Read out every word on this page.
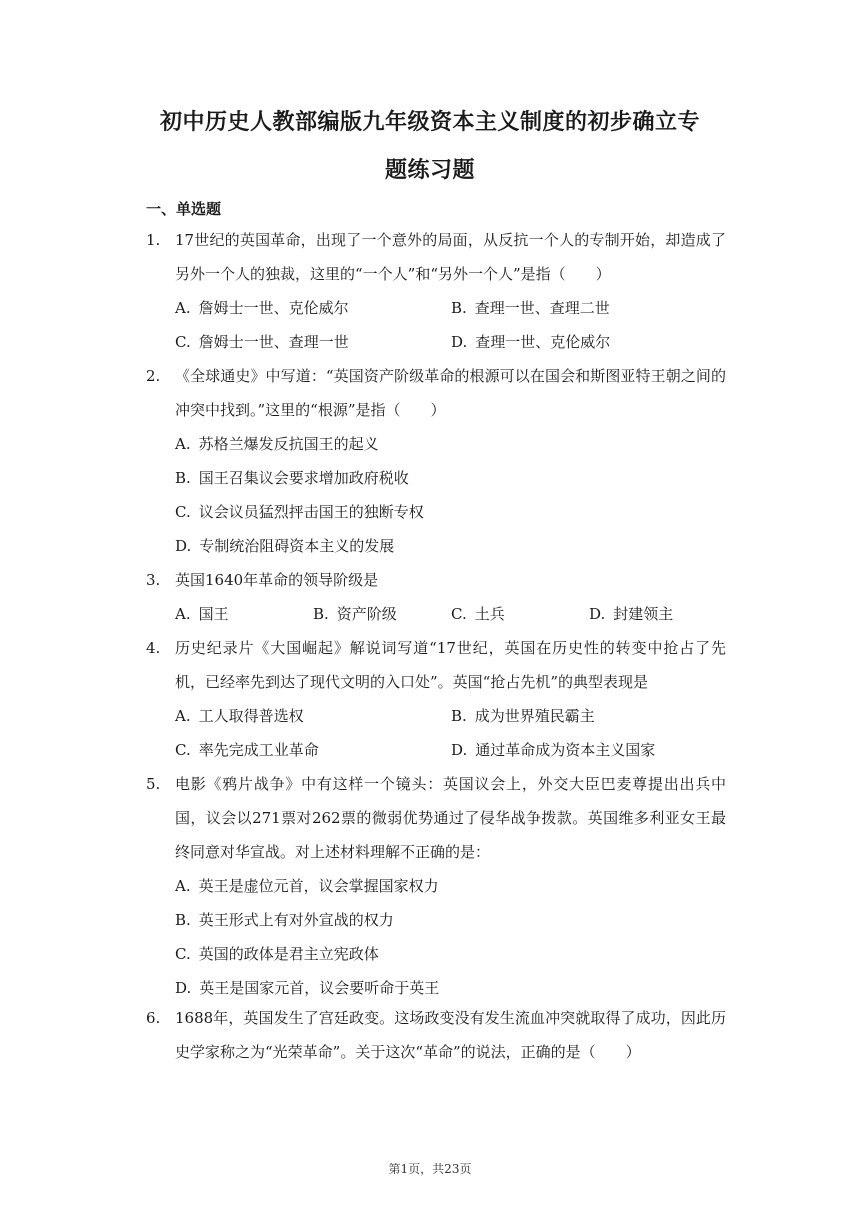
初中历史人教部编版九年级资本主义制度的初步确立专
题练习题
一、单选题
1. 17世纪的英国革命，出现了一个意外的局面，从反抗一个人的专制开始，却造成了另外一个人的独裁，这里的“一个人”和“另外一个人”是指（　　）
A. 詹姆士一世、克伦威尔	B. 查理一世、查理二世
C. 詹姆士一世、查理一世	D. 查理一世、克伦威尔
2. 《全球通史》中写道：“英国资产阶级革命的根源可以在国会和斯图亚特王朝之间的冲突中找到。”这里的“根源”是指（　　）
A. 苏格兰爆发反抗国王的起义
B. 国王召集议会要求增加政府税收
C. 议会议员猛烈抨击国王的独断专权
D. 专制统治阻碍资本主义的发展
3. 英国1640年革命的领导阶级是
A. 国王	B. 资产阶级	C. 土兵	D. 封建领主
4. 历史纪录片《大国崛起》解说词写道“17世纪，英国在历史性的转变中抢占了先机，已经率先到达了现代文明的入口处”。英国“抢占先机”的典型表现是
A. 工人取得普选权	B. 成为世界殖民霸主
C. 率先完成工业革命	D. 通过革命成为资本主义国家
5. 电影《鸦片战争》中有这样一个镜头：英国议会上，外交大臣巴麦尊提出出兵中国，议会以271票对262票的微弱优势通过了侵华战争拨款。英国维多利亚女王最终同意对华宣战。对上述材料理解不正确的是：
A. 英王是虚位元首，议会掌握国家权力
B. 英王形式上有对外宣战的权力
C. 英国的政体是君主立宪政体
D. 英王是国家元首，议会要听命于英王
6. 1688年，英国发生了宫廷政变。这场政变没有发生流血冲突就取得了成功，因此历史学家称之为“光荣革命”。关于这次“革命”的说法，正确的是（　　）
第1页，共23页
